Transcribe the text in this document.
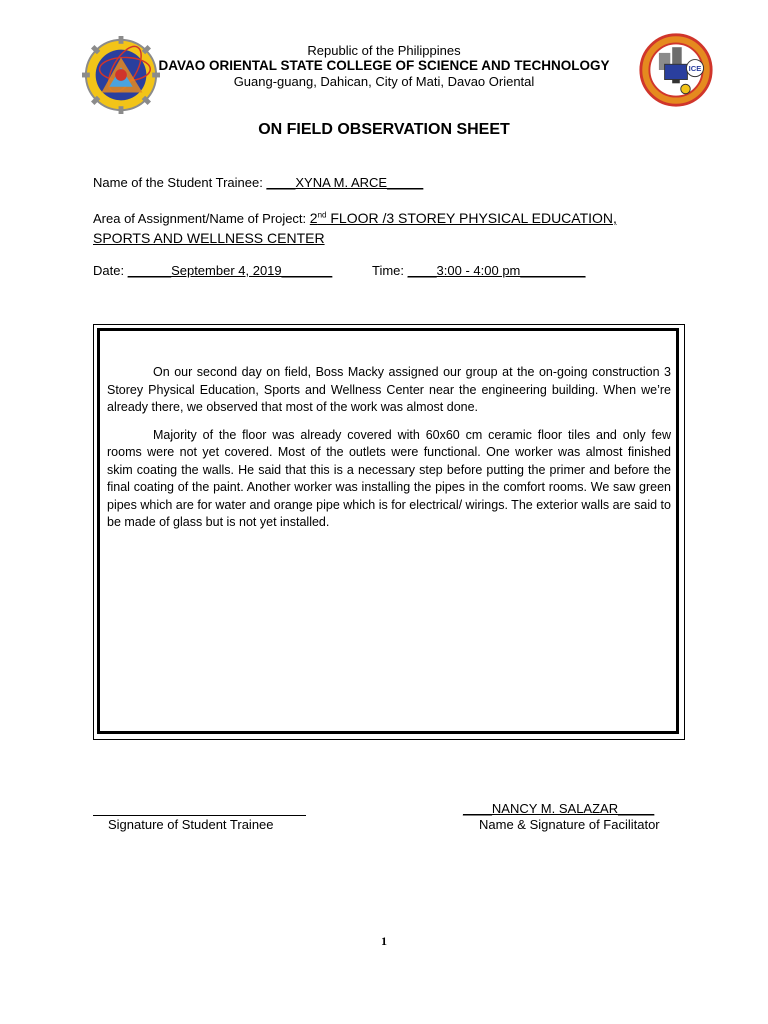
ICE
Republic of the Philippines
DAVAO ORIENTAL STATE COLLEGE OF SCIENCE AND TECHNOLOGY
Guang-guang, Dahican, City of Mati, Davao Oriental
ON FIELD OBSERVATION SHEET
Name of the Student Trainee: ____XYNA M. ARCE_____
Area of Assignment/Name of Project: 2nd FLOOR /3 STOREY PHYSICAL EDUCATION,
SPORTS AND WELLNESS CENTER
Date: ______September 4, 2019_______	Time: ____3:00 - 4:00 pm_________

On our second day on field, Boss Macky assigned our group at the on-going construction 3 Storey Physical Education, Sports and Wellness Center near the engineering building. When we’re already there, we observed that most of the work was almost done.

Majority of the floor was already covered with 60x60 cm ceramic floor tiles and only few rooms were not yet covered. Most of the outlets were functional. One worker was almost finished skim coating the walls. He said that this is a necessary step before putting the primer and before the final coating of the paint. Another worker was installing the pipes in the comfort rooms. We saw green pipes which are for water and orange pipe which is for electrical/ wirings. The exterior walls are said to be made of glass but is not yet installed.

Signature of Student Trainee
____NANCY M. SALAZAR_____
Name & Signature of Facilitator
1
